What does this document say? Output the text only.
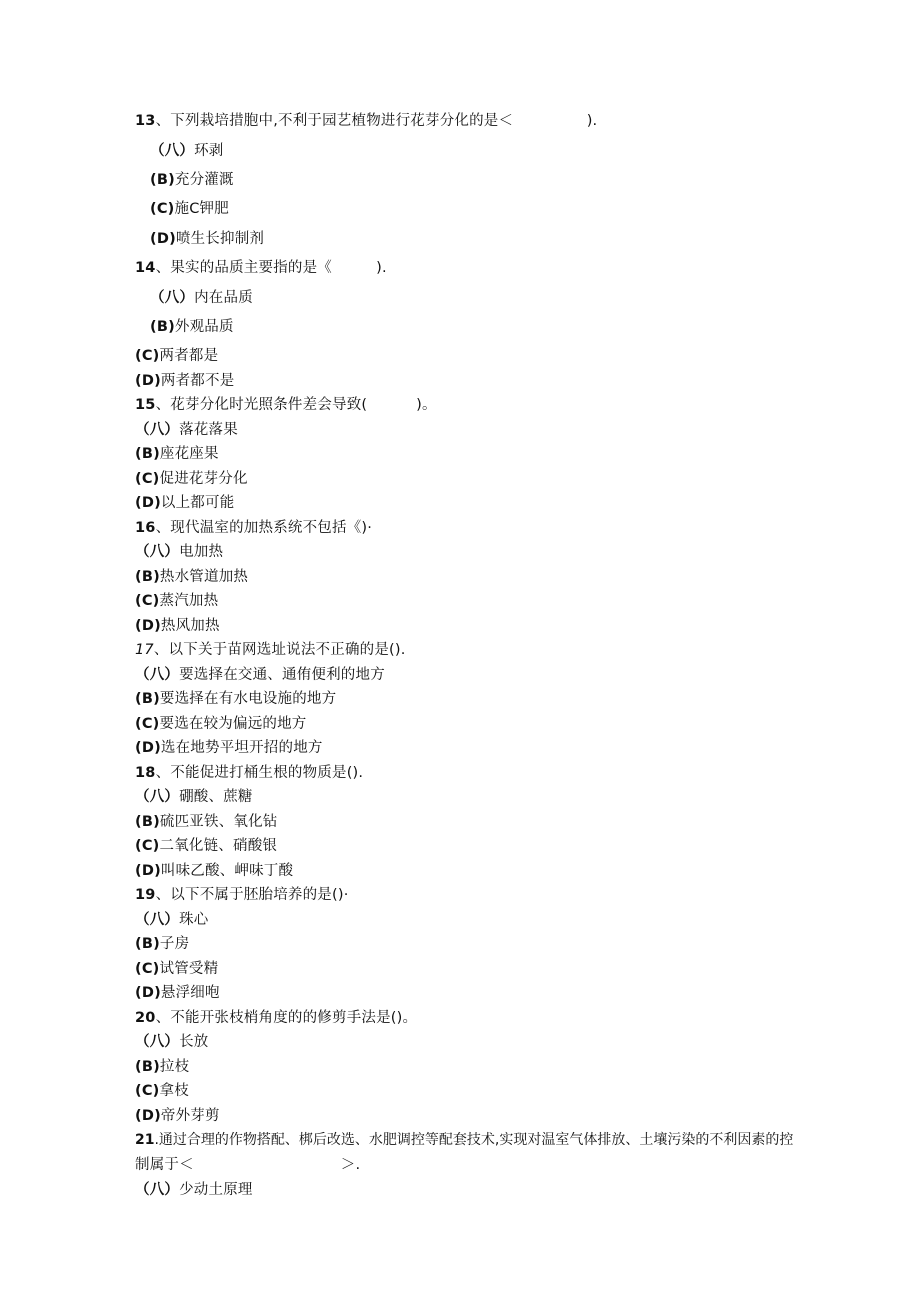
13、下列栽培措胞中,不利于园艺植物进行花芽分化的是＜　　　　　).
（八）环剥
(B)充分灌溉
(C)施C钾肥
(D)喷生长抑制剂
14、果实的品质主要指的是《　　　).
（八）内在品质
(B)外观品质
(C)两者都是
(D)两者都不是
15、花芽分化时光照条件差会导致(　　　 )。
（八）落花落果
(B)座花座果
(C)促进花芽分化
(D)以上都可能
16、现代温室的加热系统不包括《)·
（八）电加热
(B)热水管道加热
(C)蒸汽加热
(D)热风加热
17、以下关于苗网选址说法不正确的是().
（八）要选择在交通、通侑便利的地方
(B)要选择在有水电设施的地方
(C)要选在较为偏远的地方
(D)选在地势平坦开招的地方
18、不能促进打桶生根的物质是().
（八）硼酸、蔗糖
(B)硫匹亚铁、氧化钻
(C)二氧化链、硝酸银
(D)叫味乙酸、岬味丁酸
19、以下不属于胚胎培养的是()·
（八）珠心
(B)子房
(C)试管受精
(D)悬浮细咆
20、不能开张枝梢角度的的修剪手法是()。
（八）长放
(B)拉枝
(C)拿枝
(D)帝外芽剪
21.通过合理的作物搭配、梆后改选、水肥调控等配套技术,实现对温室气体排放、土壤污染的不利因素的控
制属于＜　　　　　　　　　　＞.
（八）少动土原理
